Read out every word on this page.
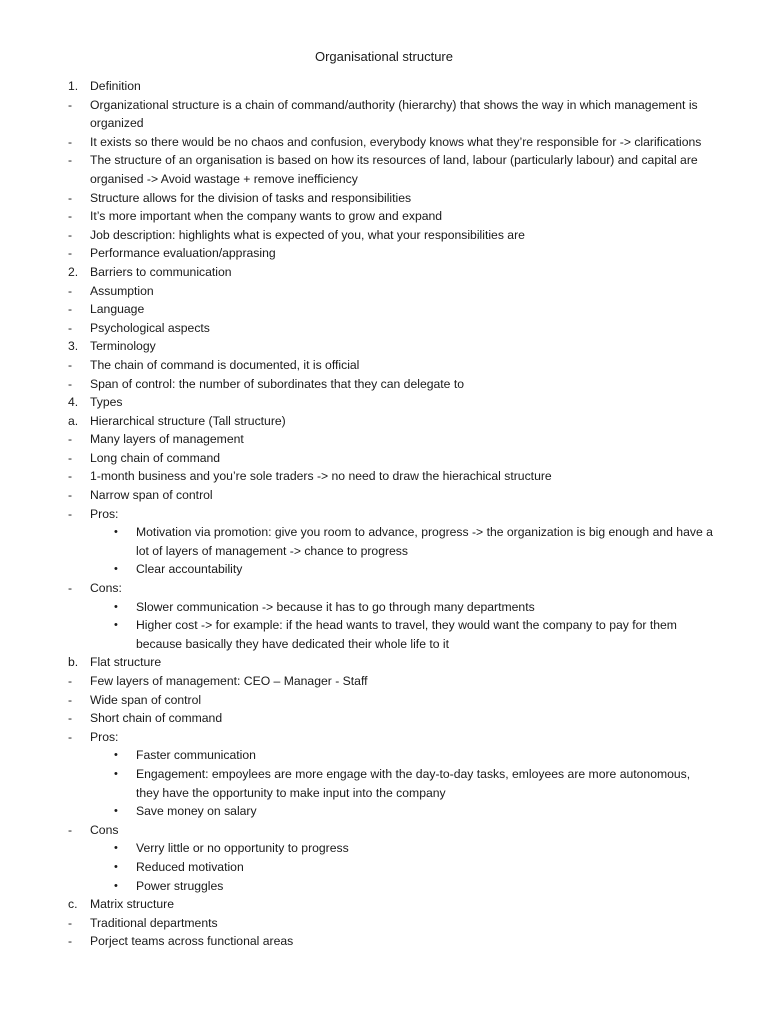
Organisational structure
1. Definition
- Organizational structure is a chain of command/authority (hierarchy) that shows the way in which management is organized
- It exists so there would be no chaos and confusion, everybody knows what they’re responsible for -> clarifications
- The structure of an organisation is based on how its resources of land, labour (particularly labour) and capital are organised -> Avoid wastage + remove inefficiency
- Structure allows for the division of tasks and responsibilities
- It’s more important when the company wants to grow and expand
- Job description: highlights what is expected of you, what your responsibilities are
- Performance evaluation/apprasing
2. Barriers to communication
- Assumption
- Language
- Psychological aspects
3. Terminology
- The chain of command is documented, it is official
- Span of control: the number of subordinates that they can delegate to
4. Types
a. Hierarchical structure (Tall structure)
- Many layers of management
- Long chain of command
- 1-month business and you’re sole traders -> no need to draw the hierachical structure
- Narrow span of control
- Pros:
• Motivation via promotion: give you room to advance, progress -> the organization is big enough and have a lot of layers of management -> chance to progress
• Clear accountability
- Cons:
• Slower communication -> because it has to go through many departments
• Higher cost -> for example: if the head wants to travel, they would want the company to pay for them because basically they have dedicated their whole life to it
b. Flat structure
- Few layers of management: CEO – Manager - Staff
- Wide span of control
- Short chain of command
- Pros:
• Faster communication
• Engagement: empoylees are more engage with the day-to-day tasks, emloyees are more autonomous, they have the opportunity to make input into the company
• Save money on salary
- Cons
• Verry little or no opportunity to progress
• Reduced motivation
• Power struggles
c. Matrix structure
- Traditional departments
- Porject teams across functional areas
